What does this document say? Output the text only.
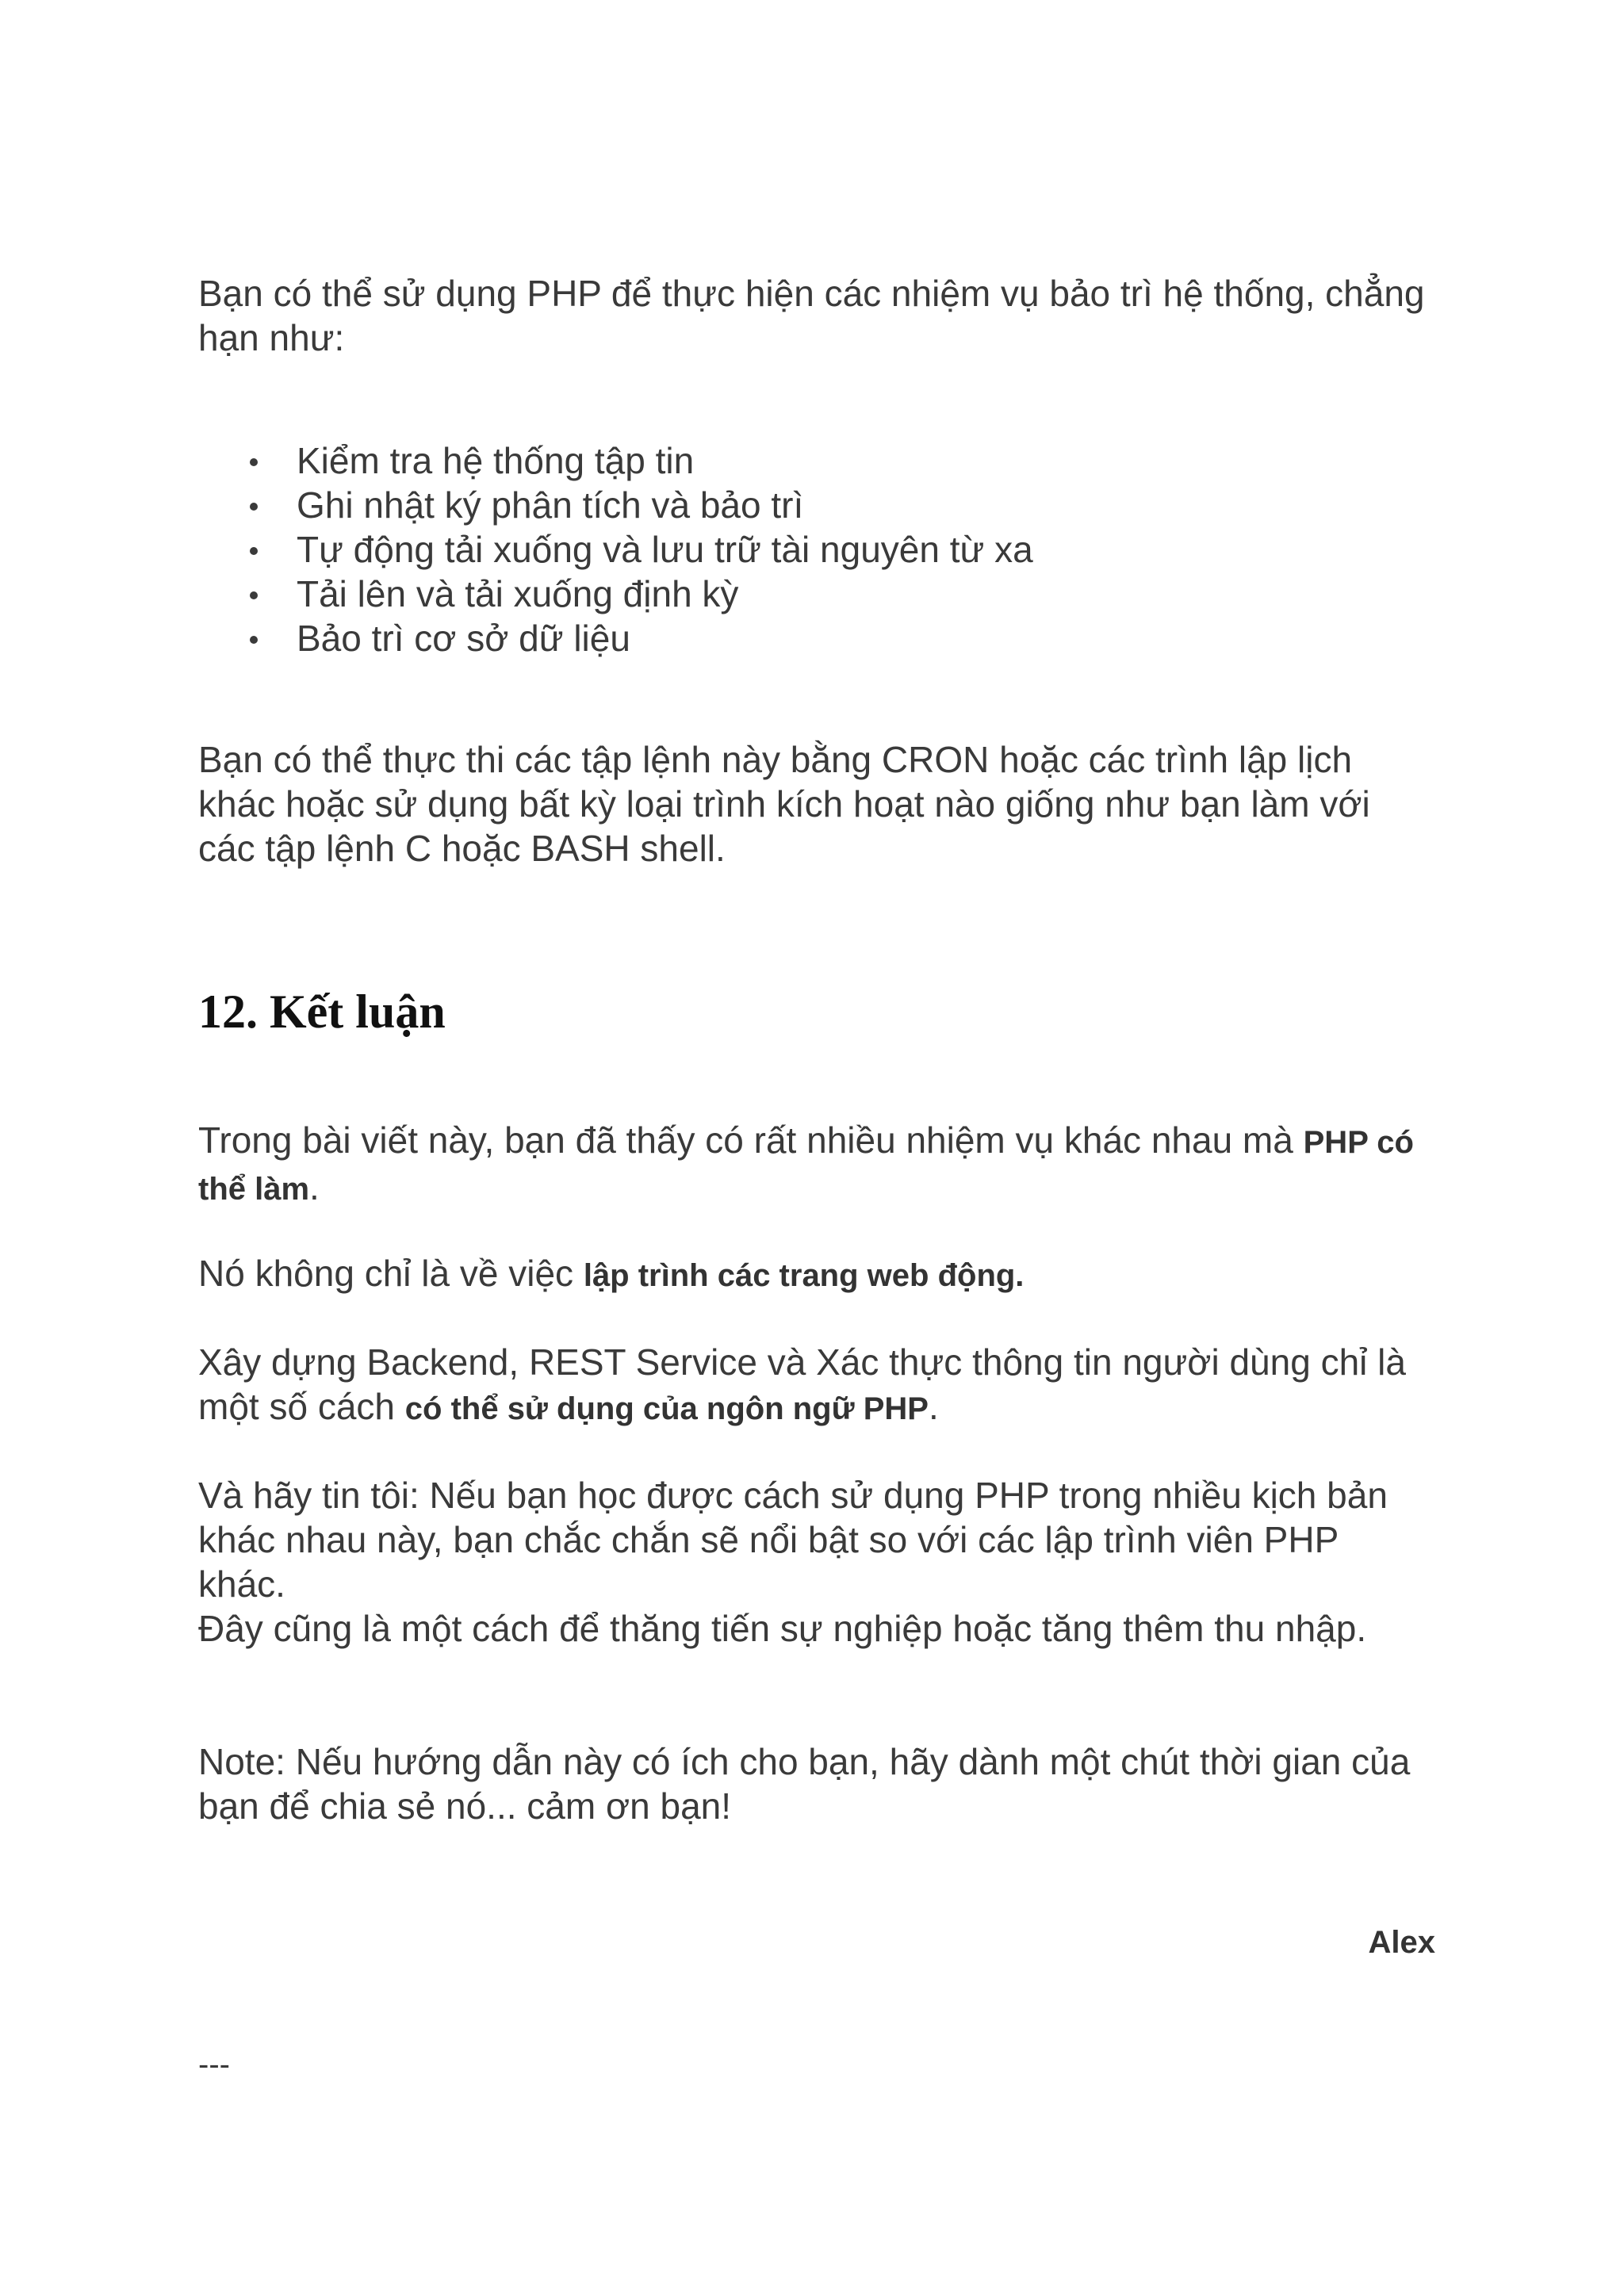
Bạn có thể sử dụng PHP để thực hiện các nhiệm vụ bảo trì hệ thống, chẳng hạn như:

Kiểm tra hệ thống tập tin
Ghi nhật ký phân tích và bảo trì
Tự động tải xuống và lưu trữ tài nguyên từ xa
Tải lên và tải xuống định kỳ
Bảo trì cơ sở dữ liệu

Bạn có thể thực thi các tập lệnh này bằng CRON hoặc các trình lập lịch khác hoặc sử dụng bất kỳ loại trình kích hoạt nào giống như bạn làm với các tập lệnh C hoặc BASH shell.

12. Kết luận

Trong bài viết này, bạn đã thấy có rất nhiều nhiệm vụ khác nhau mà PHP có thể làm.

Nó không chỉ là về việc lập trình các trang web động.

Xây dựng Backend, REST Service và Xác thực thông tin người dùng chỉ là một số cách có thể sử dụng của ngôn ngữ PHP.

Và hãy tin tôi: Nếu bạn học được cách sử dụng PHP trong nhiều kịch bản khác nhau này, bạn chắc chắn sẽ nổi bật so với các lập trình viên PHP khác.

Đây cũng là một cách để thăng tiến sự nghiệp hoặc tăng thêm thu nhập.

Note: Nếu hướng dẫn này có ích cho bạn, hãy dành một chút thời gian của bạn để chia sẻ nó... cảm ơn bạn!

Alex

---
